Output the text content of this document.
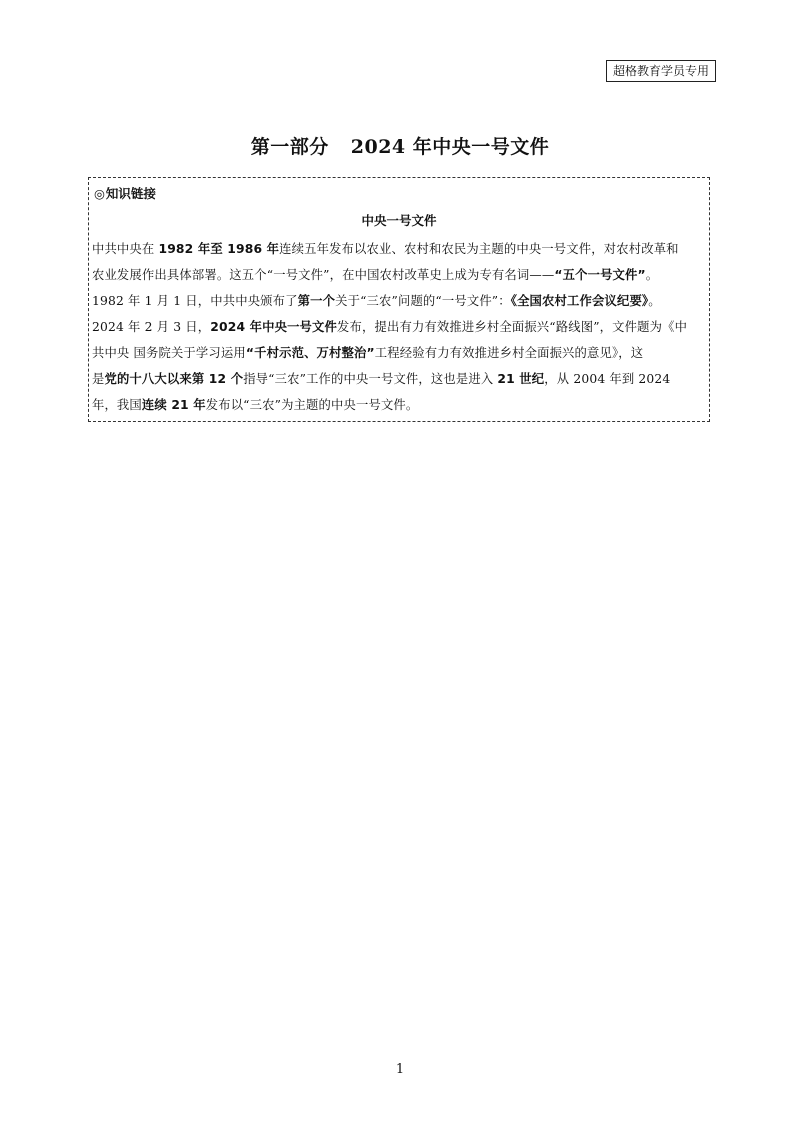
超格教育学员专用
第一部分 2024 年中央一号文件
◎知识链接
中央一号文件
中共中央在 1982 年至 1986 年连续五年发布以农业、农村和农民为主题的中央一号文件，对农村改革和
农业发展作出具体部署。这五个“一号文件”，在中国农村改革史上成为专有名词——“五个一号文件”。
1982 年 1 月 1 日，中共中央颁布了第一个关于“三农”问题的“一号文件”：《全国农村工作会议纪要》。
2024 年 2 月 3 日，2024 年中央一号文件发布，提出有力有效推进乡村全面振兴“路线图”，文件题为《中
共中央 国务院关于学习运用“千村示范、万村整治”工程经验有力有效推进乡村全面振兴的意见》，这
是党的十八大以来第 12 个指导“三农”工作的中央一号文件，这也是进入 21 世纪，从 2004 年到 2024
年，我国连续 21 年发布以“三农”为主题的中央一号文件。
1
